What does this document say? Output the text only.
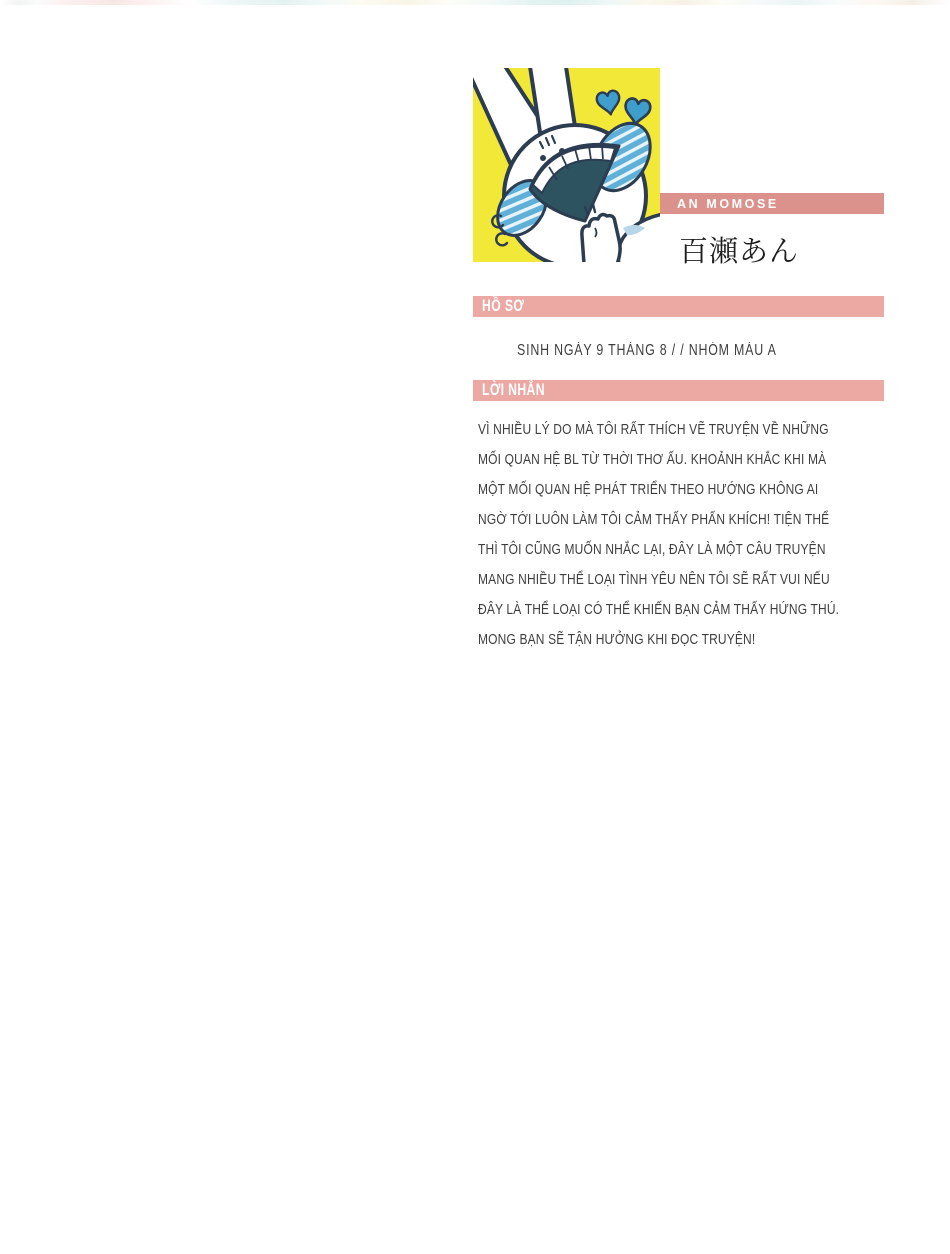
AN MOMOSE
百瀬あん
HỒ SƠ
SINH NGÀY 9 THÁNG 8 / / NHÓM MÁU A
LỜI NHẮN
VÌ NHIỀU LÝ DO MÀ TÔI RẤT THÍCH VẼ TRUYỆN VỀ NHỮNG
MỐI QUAN HỆ BL TỪ THỜI THƠ ẤU. KHOẢNH KHẮC KHI MÀ
MỘT MỐI QUAN HỆ PHÁT TRIỂN THEO HƯỚNG KHÔNG AI
NGỜ TỚI LUÔN LÀM TÔI CẢM THẤY PHẤN KHÍCH! TIỆN THỂ
THÌ TÔI CŨNG MUỐN NHẮC LẠI, ĐÂY LÀ MỘT CÂU TRUYỆN
MANG NHIỀU THỂ LOẠI TÌNH YÊU NÊN TÔI SẼ RẤT VUI NẾU
ĐÂY LÀ THỂ LOẠI CÓ THỂ KHIẾN BẠN CẢM THẤY HỨNG THÚ.
MONG BẠN SẼ TẬN HƯỞNG KHI ĐỌC TRUYỆN!
